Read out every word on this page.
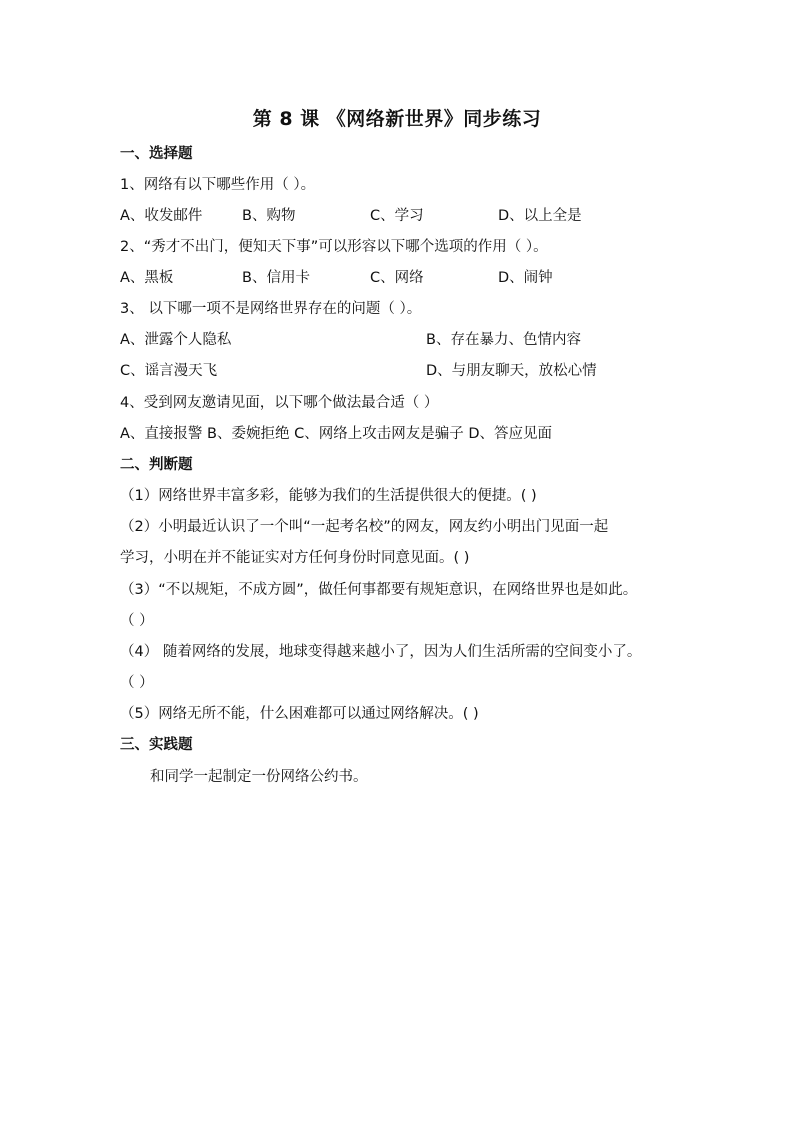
第 8 课 《网络新世界》同步练习
一、选择题
1、网络有以下哪些作用（ ）。
A、收发邮件	B、购物	C、学习	D、以上全是
2、“秀才不出门，便知天下事”可以形容以下哪个选项的作用（ ）。
A、黑板	B、信用卡	C、网络	D、闹钟
3、 以下哪一项不是网络世界存在的问题（ ）。
A、泄露个人隐私	B、存在暴力、色情内容
C、谣言漫天飞	D、与朋友聊天，放松心情
4、受到网友邀请见面，以下哪个做法最合适（ ）
A、直接报警 B、委婉拒绝 C、网络上攻击网友是骗子 D、答应见面
二、判断题
（1）网络世界丰富多彩，能够为我们的生活提供很大的便捷。( )
（2）小明最近认识了一个叫“一起考名校”的网友，网友约小明出门见面一起
学习，小明在并不能证实对方任何身份时同意见面。( )
（3）“不以规矩，不成方圆”，做任何事都要有规矩意识，在网络世界也是如此。
（ ）
（4） 随着网络的发展，地球变得越来越小了，因为人们生活所需的空间变小了。
（ ）
（5）网络无所不能，什么困难都可以通过网络解决。( )
三、实践题
和同学一起制定一份网络公约书。
